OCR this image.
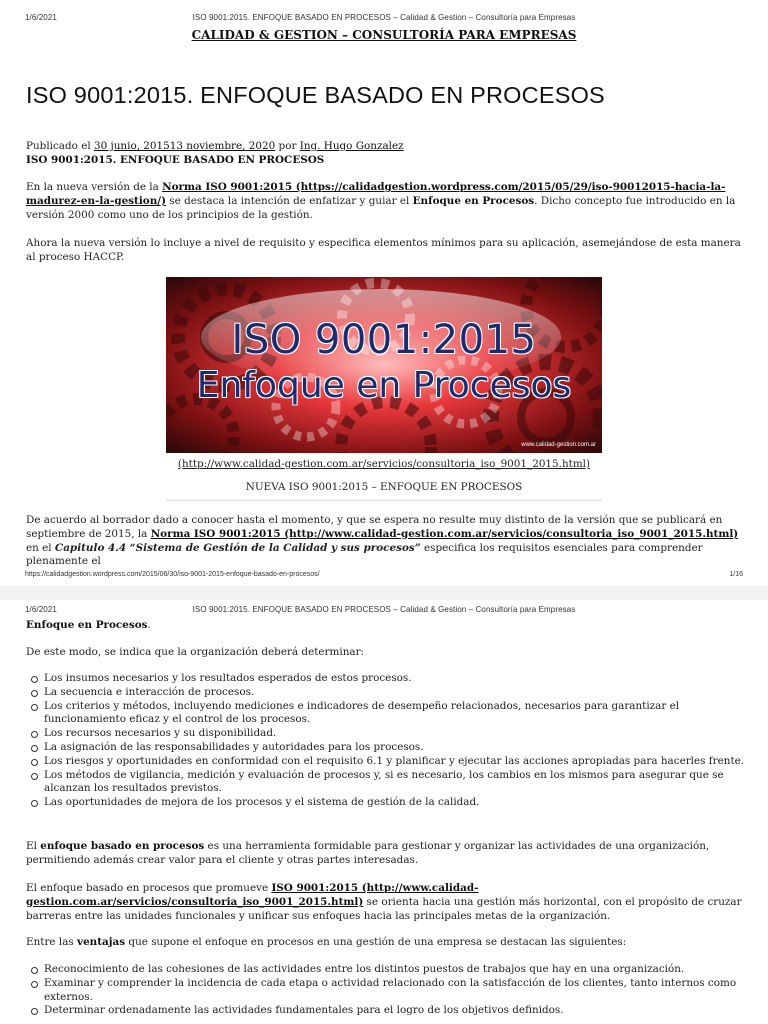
1/6/2021	ISO 9001:2015. ENFOQUE BASADO EN PROCESOS – Calidad & Gestion – Consultoría para Empresas
CALIDAD & GESTION – CONSULTORÍA PARA EMPRESAS
ISO 9001:2015. ENFOQUE BASADO EN PROCESOS
Publicado el 30 junio, 201513 noviembre, 2020 por Ing. Hugo Gonzalez
ISO 9001:2015. ENFOQUE BASADO EN PROCESOS
En la nueva versión de la Norma ISO 9001:2015 (https://calidadgestion.wordpress.com/2015/05/29/iso-90012015-hacia-la-madurez-en-la-gestion/) se destaca la intención de enfatizar y guiar el Enfoque en Procesos. Dicho concepto fue introducido en la versión 2000 como uno de los principios de la gestión.
Ahora la nueva versión lo incluye a nivel de requisito y especifica elementos mínimos para su aplicación, asemejándose de esta manera al proceso HACCP.
ISO 9001:2015
Enfoque en Procesos
www.calidad-gestion.com.ar
(http://www.calidad-gestion.com.ar/servicios/consultoria_iso_9001_2015.html)
NUEVA ISO 9001:2015 – ENFOQUE EN PROCESOS
De acuerdo al borrador dado a conocer hasta el momento, y que se espera no resulte muy distinto de la versión que se publicará en septiembre de 2015, la Norma ISO 9001:2015 (http://www.calidad-gestion.com.ar/servicios/consultoria_iso_9001_2015.html) en el Capitulo 4.4 “Sistema de Gestión de la Calidad y sus procesos” especifica los requisitos esenciales para comprender plenamente el
https://calidadgestion.wordpress.com/2015/06/30/iso-9001-2015-enfoque-basado-en-procesos/	1/16
1/6/2021	ISO 9001:2015. ENFOQUE BASADO EN PROCESOS – Calidad & Gestion – Consultoría para Empresas
Enfoque en Procesos.
De este modo, se indica que la organización deberá determinar:
Los insumos necesarios y los resultados esperados de estos procesos.
La secuencia e interacción de procesos.
Los criterios y métodos, incluyendo mediciones e indicadores de desempeño relacionados, necesarios para garantizar el funcionamiento eficaz y el control de los procesos.
Los recursos necesarios y su disponibilidad.
La asignación de las responsabilidades y autoridades para los procesos.
Los riesgos y oportunidades en conformidad con el requisito 6.1 y planificar y ejecutar las acciones apropiadas para hacerles frente.
Los métodos de vigilancia, medición y evaluación de procesos y, si es necesario, los cambios en los mismos para asegurar que se alcanzan los resultados previstos.
Las oportunidades de mejora de los procesos y el sistema de gestión de la calidad.
El enfoque basado en procesos es una herramienta formidable para gestionar y organizar las actividades de una organización, permitiendo además crear valor para el cliente y otras partes interesadas.
El enfoque basado en procesos que promueve ISO 9001:2015 (http://www.calidad-gestion.com.ar/servicios/consultoria_iso_9001_2015.html) se orienta hacia una gestión más horizontal, con el propósito de cruzar barreras entre las unidades funcionales y unificar sus enfoques hacia las principales metas de la organización.
Entre las ventajas que supone el enfoque en procesos en una gestión de una empresa se destacan las siguientes:
Reconocimiento de las cohesiones de las actividades entre los distintos puestos de trabajos que hay en una organización.
Examinar y comprender la incidencia de cada etapa o actividad relacionado con la satisfacción de los clientes, tanto internos como externos.
Determinar ordenadamente las actividades fundamentales para el logro de los objetivos definidos.
